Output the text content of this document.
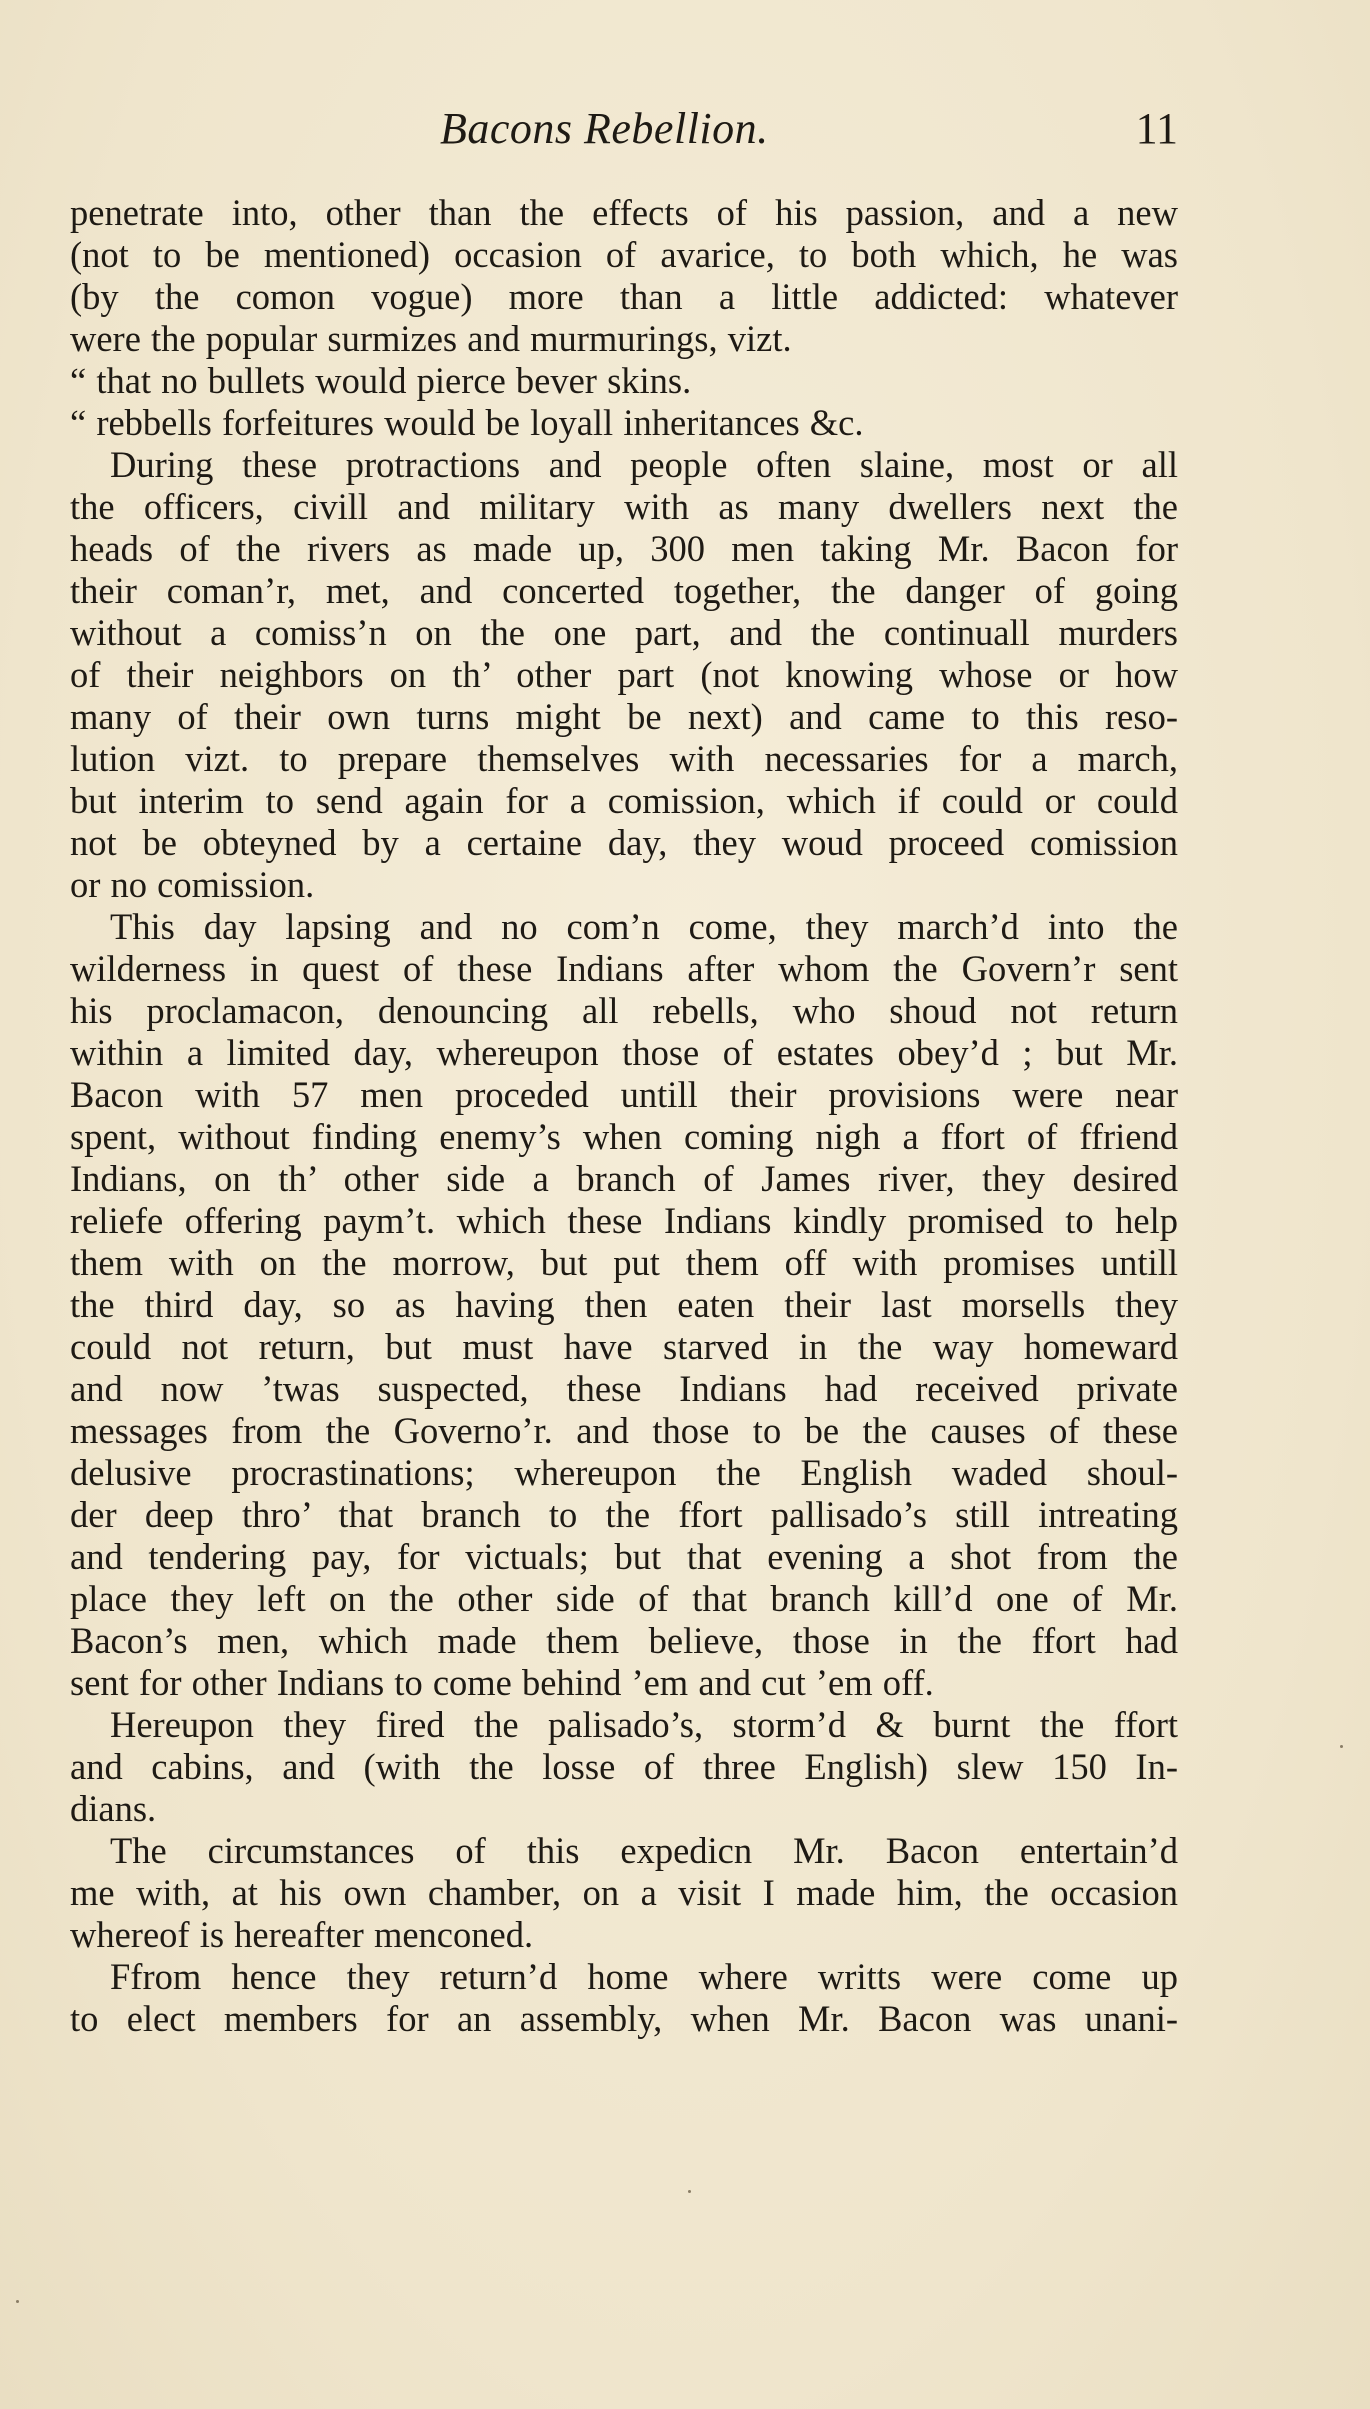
Bacons Rebellion.	11
penetrate into, other than the effects of his passion, and a new
(not to be mentioned) occasion of avarice, to both which, he was
(by the comon vogue) more than a little addicted: whatever
were the popular surmizes and murmurings, vizt.
“ that no bullets would pierce bever skins.
“ rebbells forfeitures would be loyall inheritances &c.
During these protractions and people often slaine, most or all
the officers, civill and military with as many dwellers next the
heads of the rivers as made up, 300 men taking Mr. Bacon for
their coman’r, met, and concerted together, the danger of going
without a comiss’n on the one part, and the continuall murders
of their neighbors on th’ other part (not knowing whose or how
many of their own turns might be next) and came to this reso-
lution vizt. to prepare themselves with necessaries for a march,
but interim to send again for a comission, which if could or could
not be obteyned by a certaine day, they woud proceed comission
or no comission.
This day lapsing and no com’n come, they march’d into the
wilderness in quest of these Indians after whom the Govern’r sent
his proclamacon, denouncing all rebells, who shoud not return
within a limited day, whereupon those of estates obey’d ; but Mr.
Bacon with 57 men proceded untill their provisions were near
spent, without finding enemy’s when coming nigh a ffort of ffriend
Indians, on th’ other side a branch of James river, they desired
reliefe offering paym’t. which these Indians kindly promised to help
them with on the morrow, but put them off with promises untill
the third day, so as having then eaten their last morsells they
could not return, but must have starved in the way homeward
and now ’twas suspected, these Indians had received private
messages from the Governo’r. and those to be the causes of these
delusive procrastinations; whereupon the English waded shoul-
der deep thro’ that branch to the ffort pallisado’s still intreating
and tendering pay, for victuals; but that evening a shot from the
place they left on the other side of that branch kill’d one of Mr.
Bacon’s men, which made them believe, those in the ffort had
sent for other Indians to come behind ’em and cut ’em off.
Hereupon they fired the palisado’s, storm’d & burnt the ffort
and cabins, and (with the losse of three English) slew 150 In-
dians.
The circumstances of this expedicn Mr. Bacon entertain’d
me with, at his own chamber, on a visit I made him, the occasion
whereof is hereafter menconed.
Ffrom hence they return’d home where writts were come up
to elect members for an assembly, when Mr. Bacon was unani-
